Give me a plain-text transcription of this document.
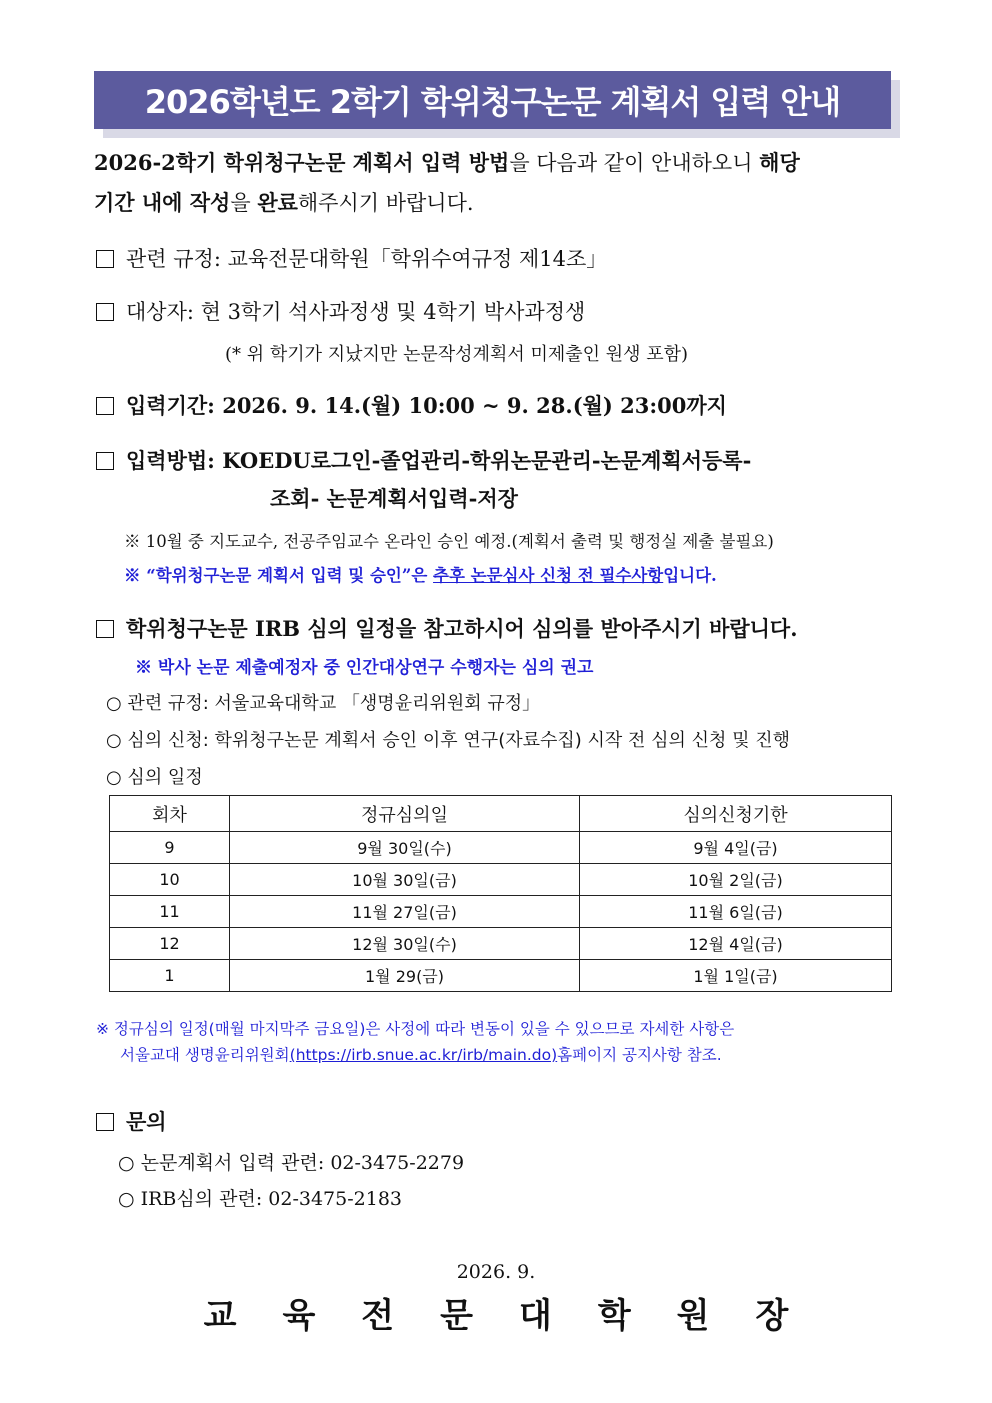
2026학년도 2학기 학위청구논문 계획서 입력 안내
2026-2학기 학위청구논문 계획서 입력 방법을 다음과 같이 안내하오니 해당
기간 내에 작성을 완료해주시기 바랍니다.
관련 규정: 교육전문대학원「학위수여규정 제14조」
대상자: 현 3학기 석사과정생 및 4학기 박사과정생
(* 위 학기가 지났지만 논문작성계획서 미제출인 원생 포함)
입력기간: 2026. 9. 14.(월) 10:00 ~ 9. 28.(월) 23:00까지
입력방법: KOEDU로그인-졸업관리-학위논문관리-논문계획서등록-
조회- 논문계획서입력-저장
※ 10월 중 지도교수, 전공주임교수 온라인 승인 예정.(계획서 출력 및 행정실 제출 불필요)
※ “학위청구논문 계획서 입력 및 승인”은 추후 논문심사 신청 전 필수사항입니다.
학위청구논문 IRB 심의 일정을 참고하시어 심의를 받아주시기 바랍니다.
※ 박사 논문 제출예정자 중 인간대상연구 수행자는 심의 권고
○ 관련 규정: 서울교육대학교 「생명윤리위원회 규정」
○ 심의 신청: 학위청구논문 계획서 승인 이후 연구(자료수집) 시작 전 심의 신청 및 진행
○ 심의 일정
회차	정규심의일	심의신청기한
9	9월 30일(수)	9월 4일(금)
10	10월 30일(금)	10월 2일(금)
11	11월 27일(금)	11월 6일(금)
12	12월 30일(수)	12월 4일(금)
1	1월 29(금)	1월 1일(금)
※ 정규심의 일정(매월 마지막주 금요일)은 사정에 따라 변동이 있을 수 있으므로 자세한 사항은
서울교대 생명윤리위원회(https://irb.snue.ac.kr/irb/main.do)홈페이지 공지사항 참조.
문의
○ 논문계획서 입력 관련: 02-3475-2279
○ IRB심의 관련: 02-3475-2183
2026. 9.
교육전문대학원장
